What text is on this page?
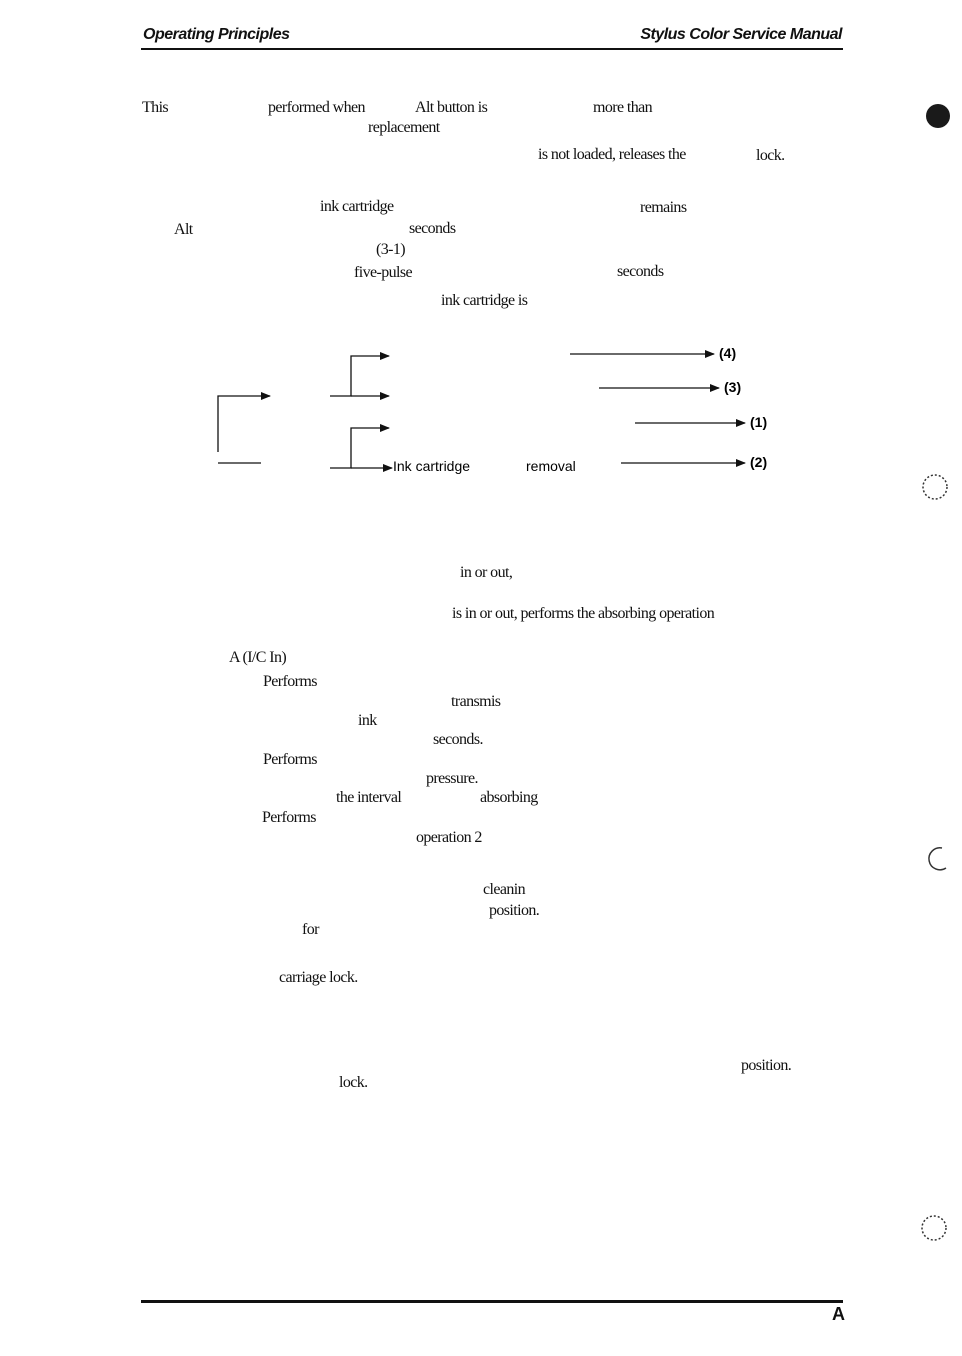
Operating Principles	Stylus Color Service Manual
This	performed when	Alt button is	more than
replacement
is not loaded, releases the	lock.
ink cartridge	remains
Alt	seconds
(3-1)
five-pulse	seconds
ink cartridge is
in or out,
is in or out, performs the absorbing operation
A (I/C In)
Performs
transmis
ink
seconds.
Performs
pressure.
the interval	absorbing
Performs
operation 2
cleanin
position.
for
carriage lock.
position.
lock.
(4)
(3)
(1)
(2)
Ink cartridge	removal
A
